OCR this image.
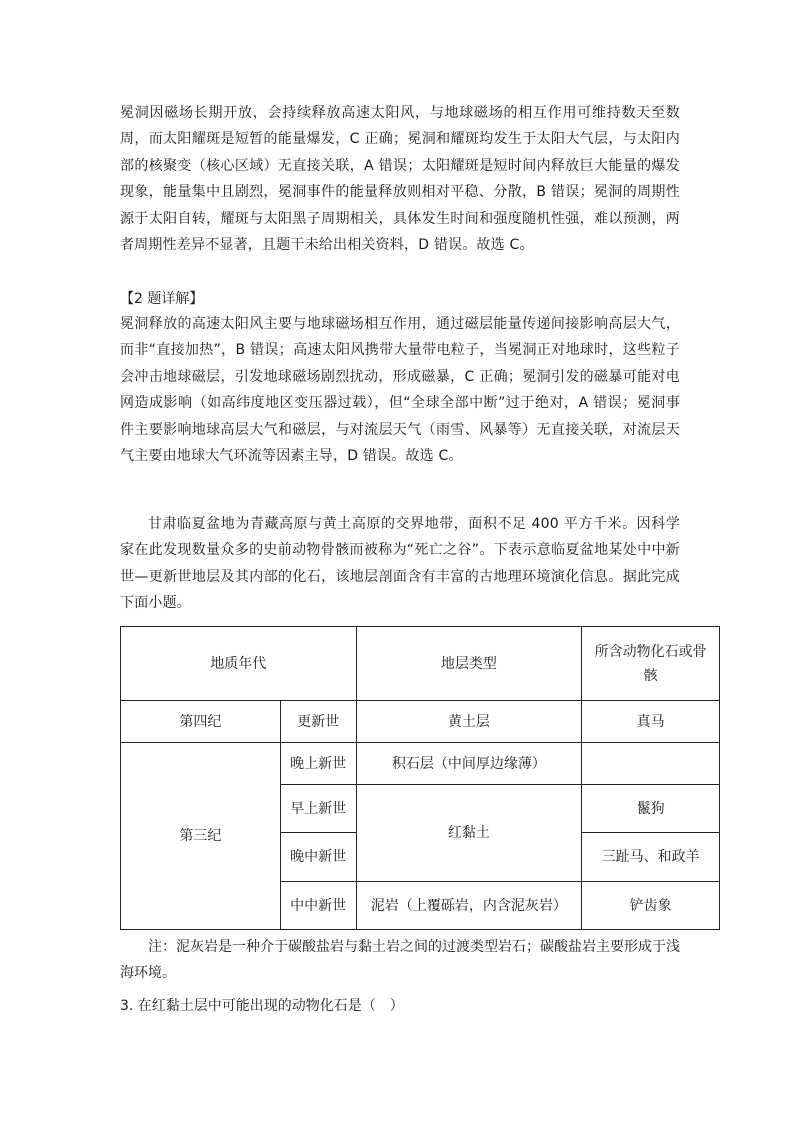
冕洞因磁场长期开放，会持续释放高速太阳风，与地球磁场的相互作用可维持数天至数周，而太阳耀斑是短暂的能量爆发，C 正确；冕洞和耀斑均发生于太阳大气层，与太阳内部的核聚变（核心区域）无直接关联，A 错误；太阳耀斑是短时间内释放巨大能量的爆发现象，能量集中且剧烈，冕洞事件的能量释放则相对平稳、分散，B 错误；冕洞的周期性源于太阳自转，耀斑与太阳黑子周期相关，具体发生时间和强度随机性强，难以预测，两者周期性差异不显著，且题干未给出相关资料，D 错误。故选 C。

【2 题详解】

冕洞释放的高速太阳风主要与地球磁场相互作用，通过磁层能量传递间接影响高层大气，而非“直接加热”，B 错误；高速太阳风携带大量带电粒子，当冕洞正对地球时，这些粒子会冲击地球磁层，引发地球磁场剧烈扰动，形成磁暴，C 正确；冕洞引发的磁暴可能对电网造成影响（如高纬度地区变压器过载），但“全球全部中断”过于绝对，A 错误；冕洞事件主要影响地球高层大气和磁层，与对流层天气（雨雪、风暴等）无直接关联，对流层天气主要由地球大气环流等因素主导，D 错误。故选 C。

甘肃临夏盆地为青藏高原与黄土高原的交界地带，面积不足 400 平方千米。因科学家在此发现数量众多的史前动物骨骸而被称为“死亡之谷”。下表示意临夏盆地某处中中新世—更新世地层及其内部的化石，该地层剖面含有丰富的古地理环境演化信息。据此完成下面小题。

地质年代		地层类型	所含动物化石或骨骸
第四纪	更新世	黄土层	真马
第三纪	晚上新世	积石层（中间厚边缘薄）	
	早上新世	红黏土	鬣狗
	晚中新世		三趾马、和政羊
	中中新世	泥岩（上覆砾岩，内含泥灰岩）	铲齿象

注：泥灰岩是一种介于碳酸盐岩与黏土岩之间的过渡类型岩石；碳酸盐岩主要形成于浅海环境。

3. 在红黏土层中可能出现的动物化石是（　）
